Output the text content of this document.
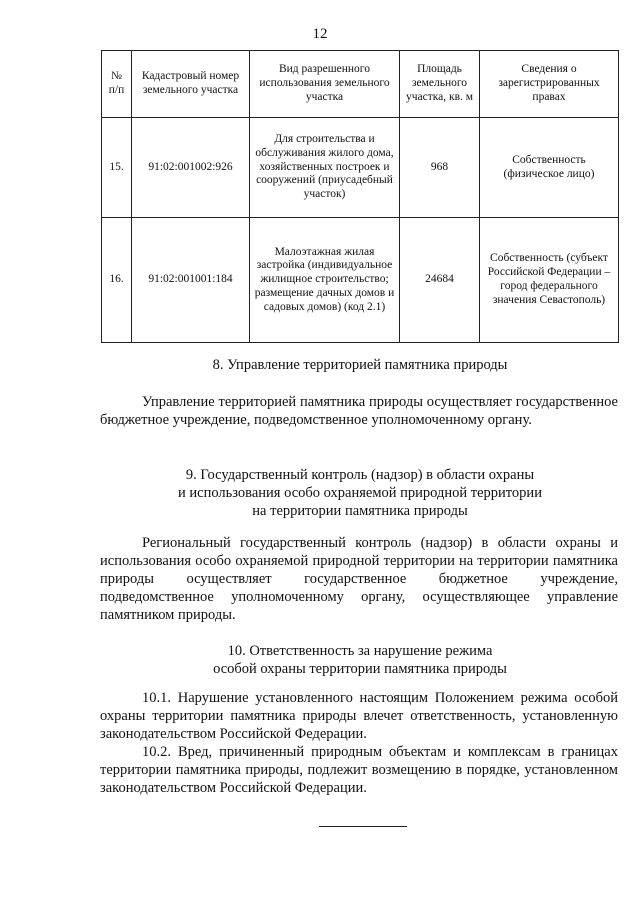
12
№ п/п	Кадастровый номер земельного участка	Вид разрешенного использования земельного участка	Площадь земельного участка, кв. м	Сведения о зарегистрированных правах
15.	91:02:001002:926	Для строительства и обслуживания жилого дома, хозяйственных построек и сооружений (приусадебный участок)	968	Собственность (физическое лицо)
16.	91:02:001001:184	Малоэтажная жилая застройка (индивидуальное жилищное строительство; размещение дачных домов и садовых домов) (код 2.1)	24684	Собственность (субъект Российской Федерации – город федерального значения Севастополь)
8. Управление территорией памятника природы
Управление территорией памятника природы осуществляет государственное бюджетное учреждение, подведомственное уполномоченному органу.
9. Государственный контроль (надзор) в области охраны
и использования особо охраняемой природной территории
на территории памятника природы
Региональный государственный контроль (надзор) в области охраны и использования особо охраняемой природной территории на территории памятника природы осуществляет государственное бюджетное учреждение, подведомственное уполномоченному органу, осуществляющее управление памятником природы.
10. Ответственность за нарушение режима
особой охраны территории памятника природы
10.1. Нарушение установленного настоящим Положением режима особой охраны территории памятника природы влечет ответственность, установленную законодательством Российской Федерации.
10.2. Вред, причиненный природным объектам и комплексам в границах территории памятника природы, подлежит возмещению в порядке, установленном законодательством Российской Федерации.
